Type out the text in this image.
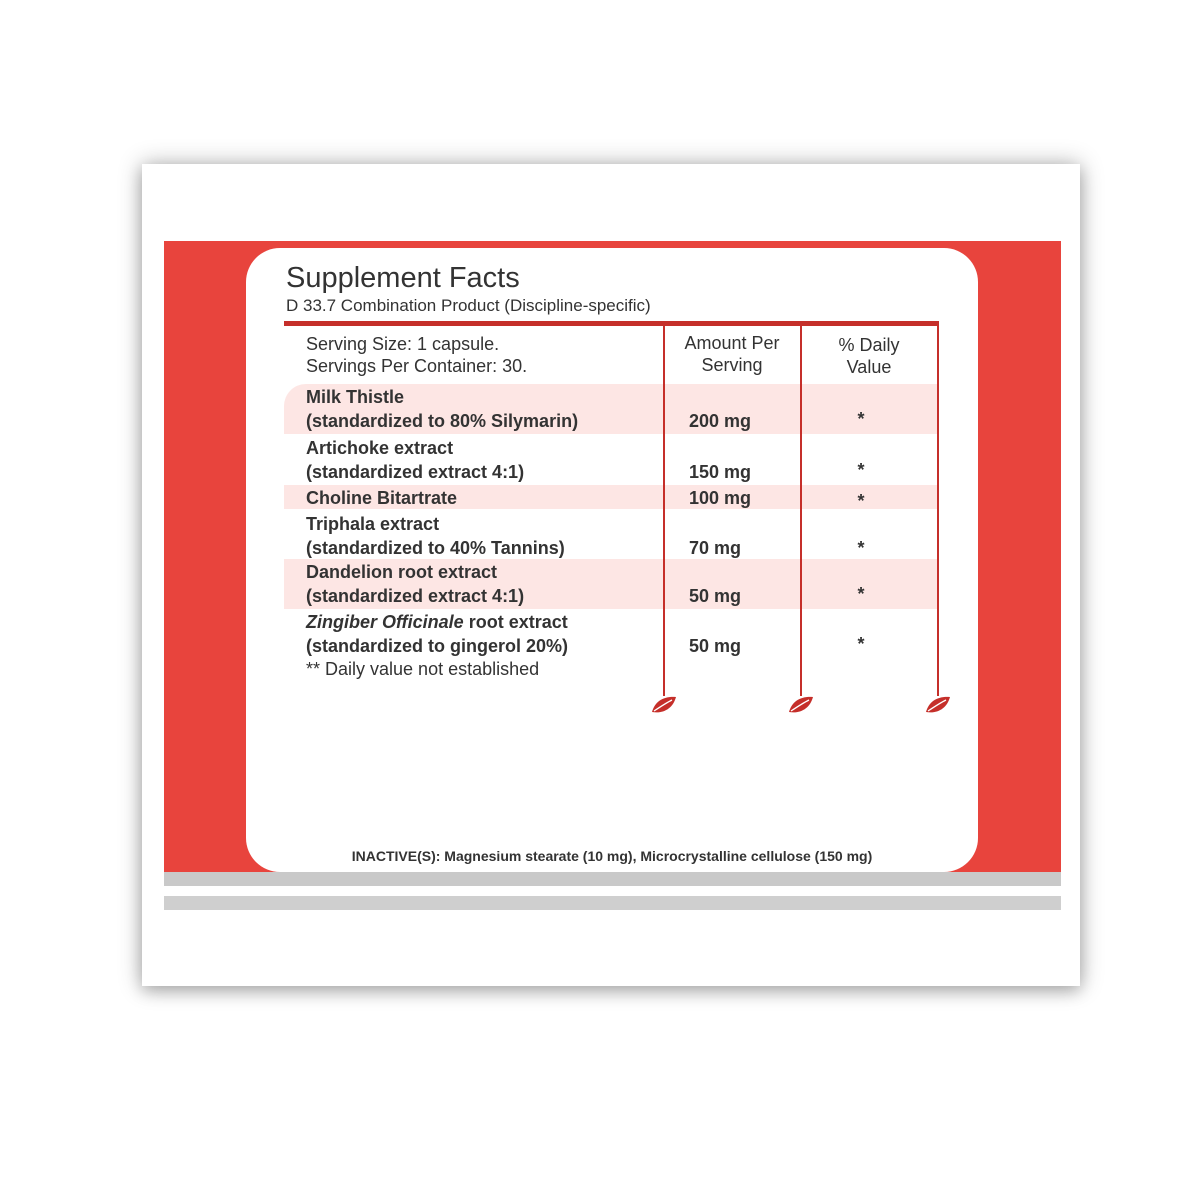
Supplement Facts
D 33.7 Combination Product (Discipline-specific)
Serving Size: 1 capsule.
Servings Per Container: 30.
Amount Per
Serving
% Daily
Value
Milk Thistle
(standardized to 80% Silymarin)	200 mg	*
Artichoke extract
(standardized extract 4:1)	150 mg	*
Choline Bitartrate	100 mg	*
Triphala extract
(standardized to 40% Tannins)	70 mg	*
Dandelion root extract
(standardized extract 4:1)	50 mg	*
Zingiber Officinale root extract
(standardized to gingerol 20%)	50 mg	*
** Daily value not established
INACTIVE(S): Magnesium stearate (10 mg), Microcrystalline cellulose (150 mg)
